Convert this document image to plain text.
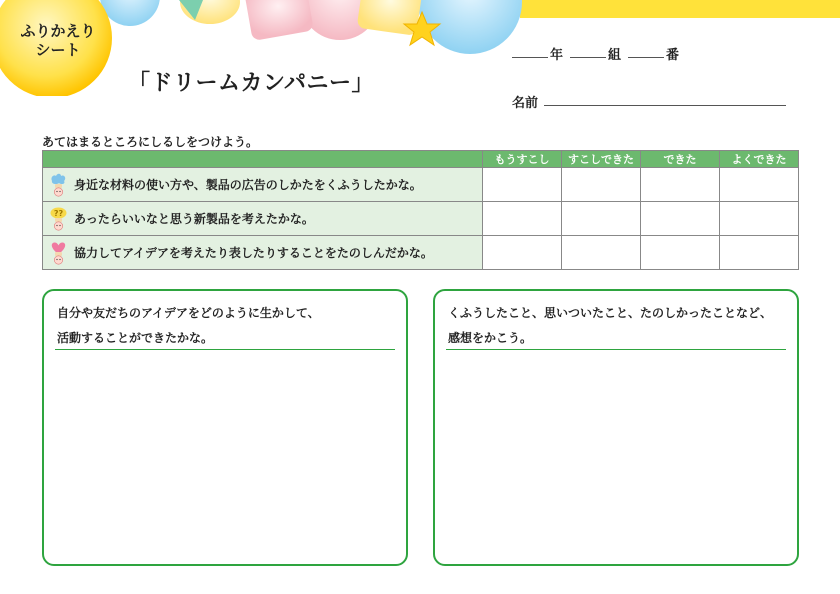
ふりかえり
シート
「ドリームカンパニー」
年	組	番
名前
あてはまるところにしるしをつけよう。
	もうすこし	すこしできた	できた	よくできた

身近な材料の使い方や、製品の広告のしかたをくふうしたかな。				

?? あったらいいなと思う新製品を考えたかな。				

協力してアイデアを考えたり表したりすることをたのしんだかな。				

自分や友だちのアイデアをどのように生かして、
活動することができたかな。
くふうしたこと、思いついたこと、たのしかったことなど、
感想をかこう。
